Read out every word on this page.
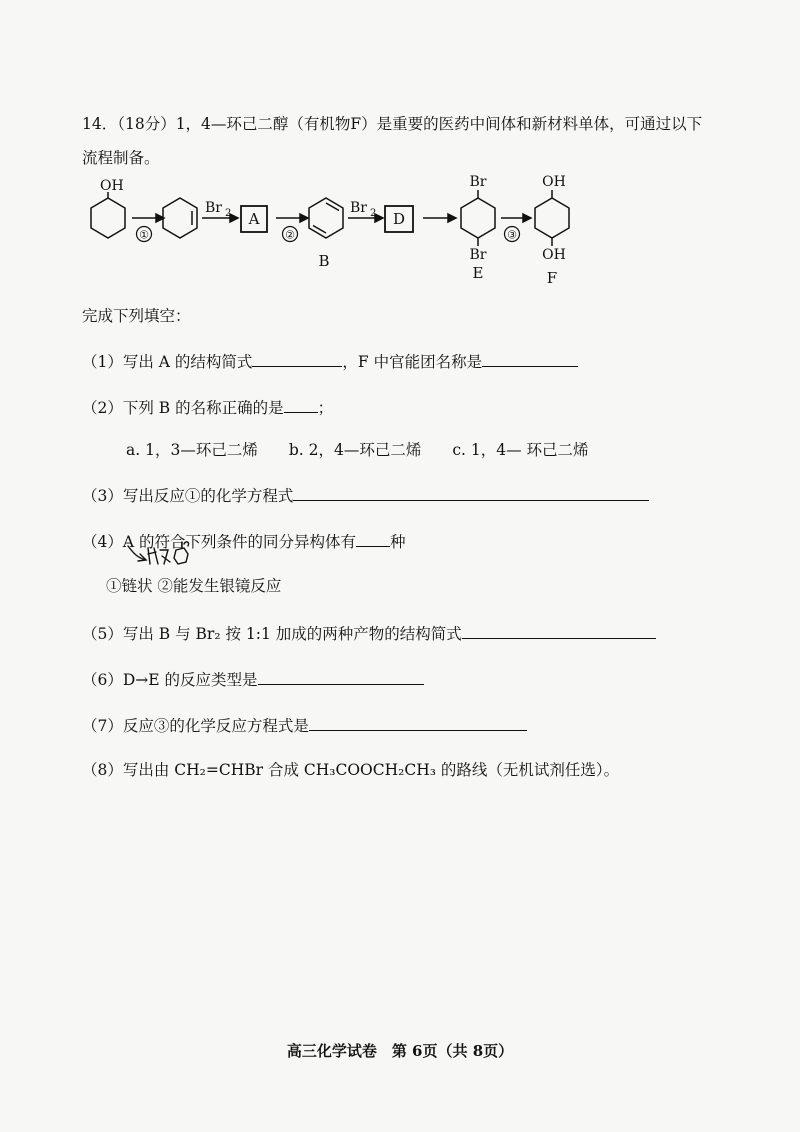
14．（18分）1，4—环己二醇（有机物F）是重要的医药中间体和新材料单体，可通过以下
流程制备。
OH
①
Br 2 A
②
B
Br 2 D
Br
Br
E
③
OH
OH
F
完成下列填空：
（1）写出 A 的结构简式	，F 中官能团名称是
（2）下列 B 的名称正确的是 ；
a. 1，3—环己二烯　　b. 2，4—环己二烯　　c. 1，4— 环己二烯
（3）写出反应①的化学方程式
（4）A 的符合下列条件的同分异构体有 种
①链状 ②能发生银镜反应
（5）写出 B 与 Br₂ 按 1:1 加成的两种产物的结构简式
（6）D→E 的反应类型是
（7）反应③的化学反应方程式是
（8）写出由 CH₂=CHBr 合成 CH₃COOCH₂CH₃ 的路线（无机试剂任选）。
高三化学试卷　第 6页（共 8页）
